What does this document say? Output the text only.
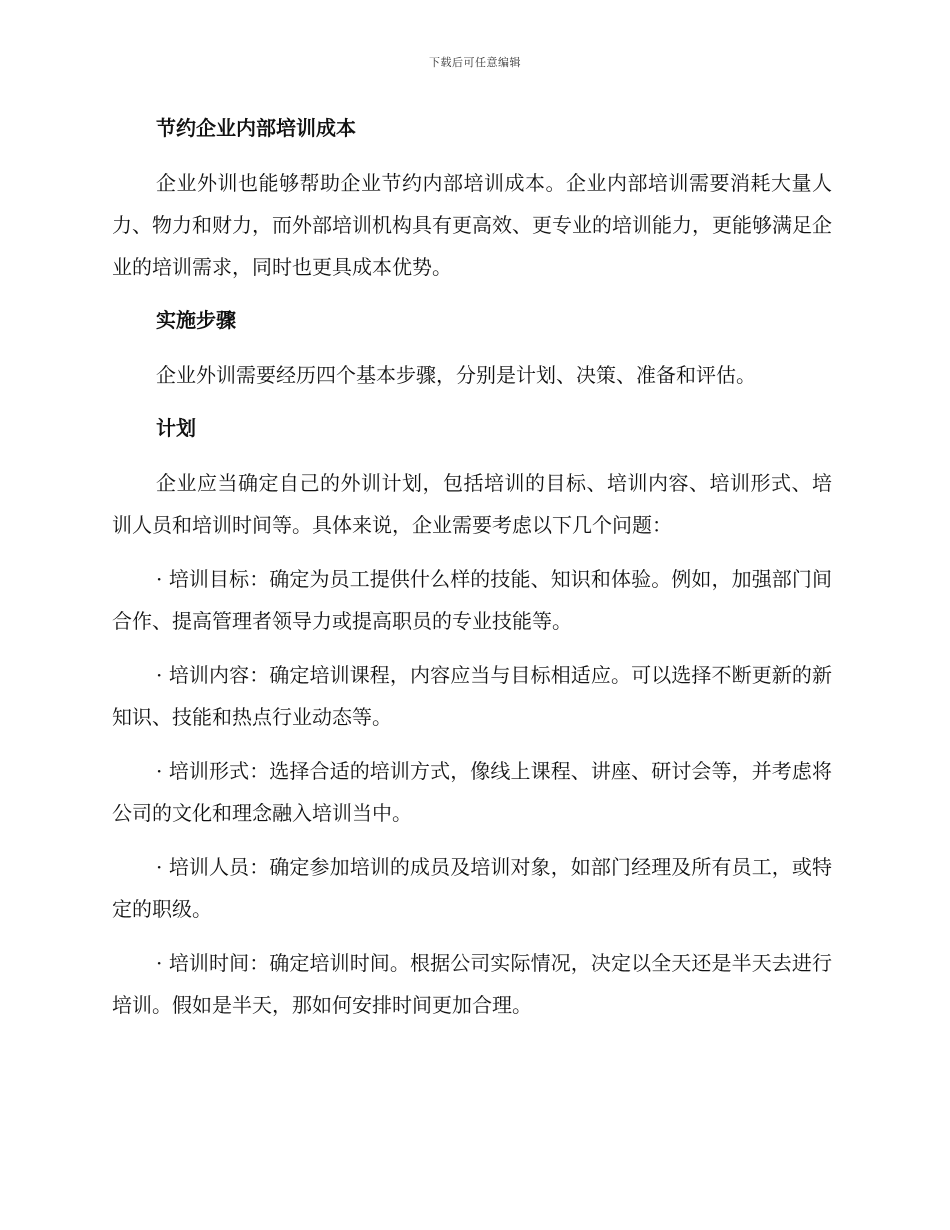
下载后可任意编辑
节约企业内部培训成本

企业外训也能够帮助企业节约内部培训成本。企业内部培训需要消耗大量人力、物力和财力，而外部培训机构具有更高效、更专业的培训能力，更能够满足企业的培训需求，同时也更具成本优势。

实施步骤

企业外训需要经历四个基本步骤，分别是计划、决策、准备和评估。

计划

企业应当确定自己的外训计划，包括培训的目标、培训内容、培训形式、培训人员和培训时间等。具体来说，企业需要考虑以下几个问题：

· 培训目标：确定为员工提供什么样的技能、知识和体验。例如，加强部门间合作、提高管理者领导力或提高职员的专业技能等。

· 培训内容：确定培训课程，内容应当与目标相适应。可以选择不断更新的新知识、技能和热点行业动态等。

· 培训形式：选择合适的培训方式，像线上课程、讲座、研讨会等，并考虑将公司的文化和理念融入培训当中。

· 培训人员：确定参加培训的成员及培训对象，如部门经理及所有员工，或特定的职级。

· 培训时间：确定培训时间。根据公司实际情况，决定以全天还是半天去进行培训。假如是半天，那如何安排时间更加合理。
